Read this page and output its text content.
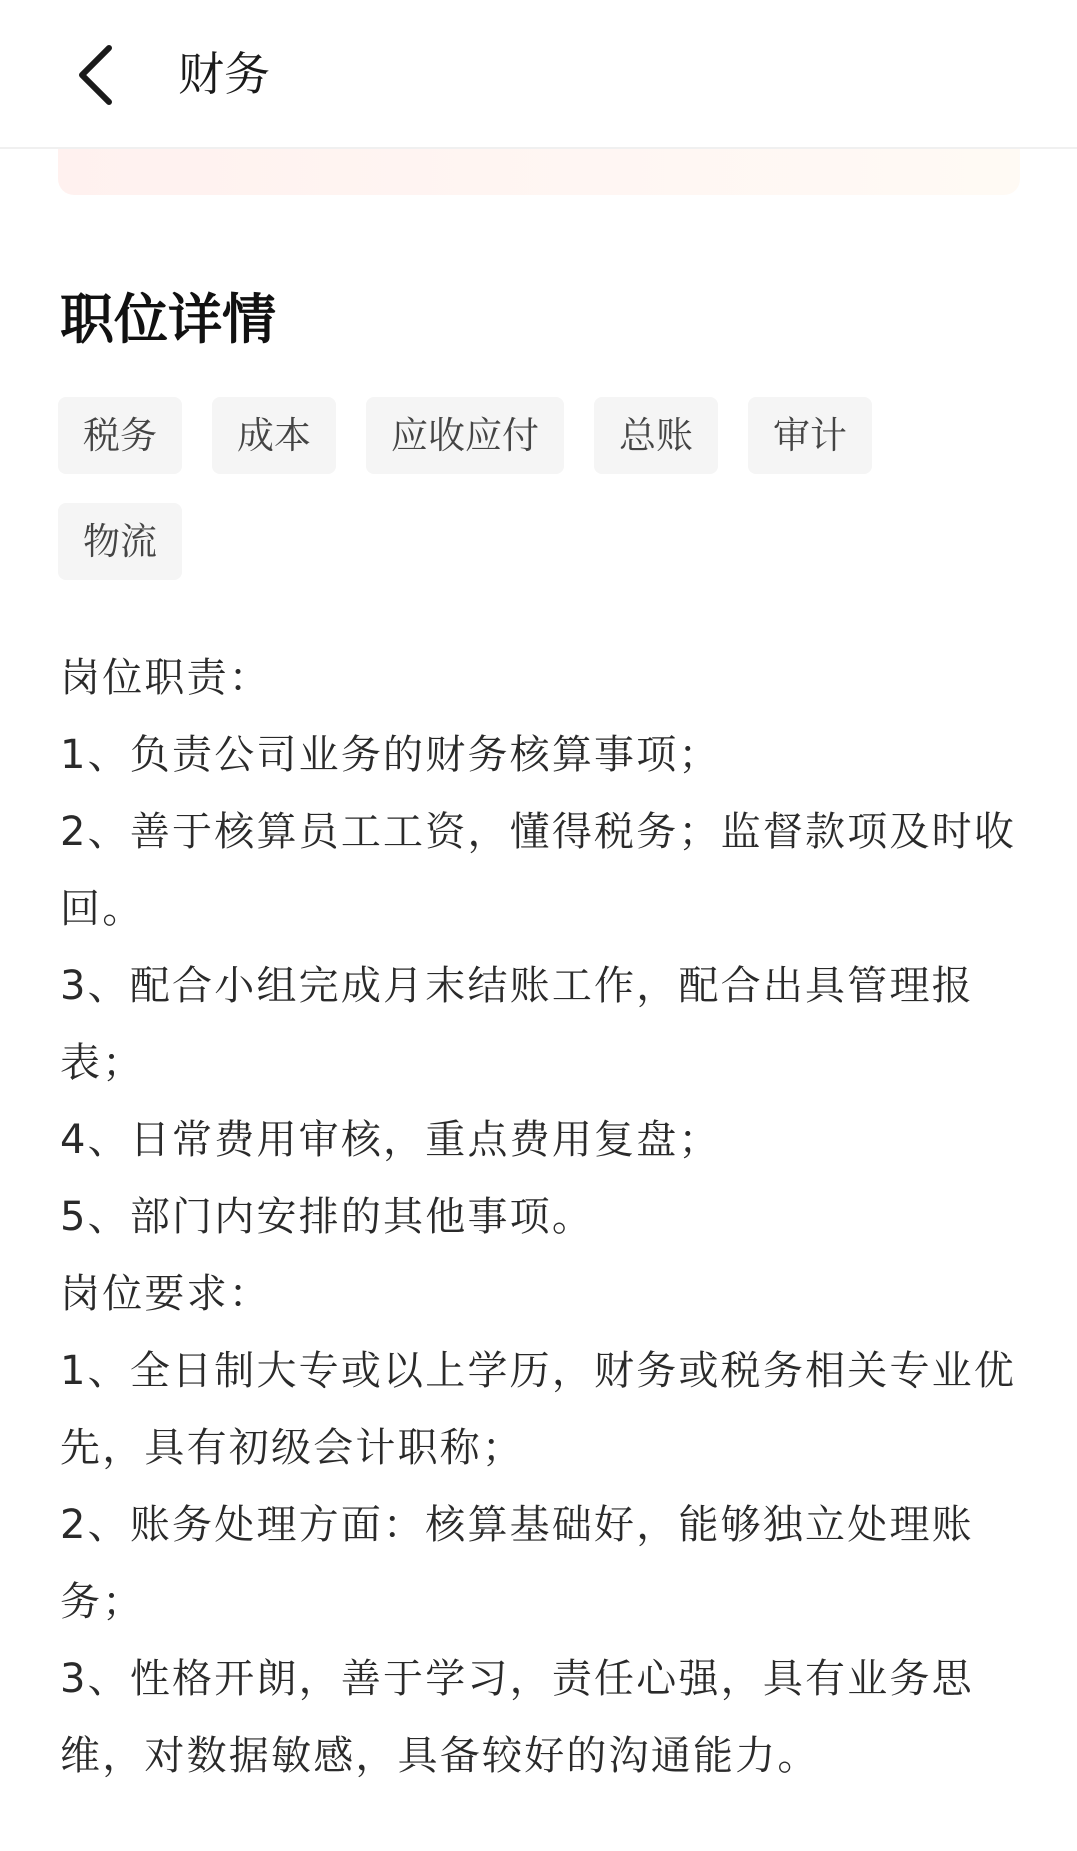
财务
职位详情
税务	成本	应收应付	总账	审计
物流

岗位职责：

1、负责公司业务的财务核算事项；

2、善于核算员工工资，懂得税务；监督款项及时收回。

3、配合小组完成月末结账工作，配合出具管理报表；

4、日常费用审核，重点费用复盘；

5、部门内安排的其他事项。

岗位要求：

1、全日制大专或以上学历，财务或税务相关专业优先，具有初级会计职称；

2、账务处理方面：核算基础好，能够独立处理账务；

3、性格开朗，善于学习，责任心强，具有业务思维，对数据敏感，具备较好的沟通能力。
